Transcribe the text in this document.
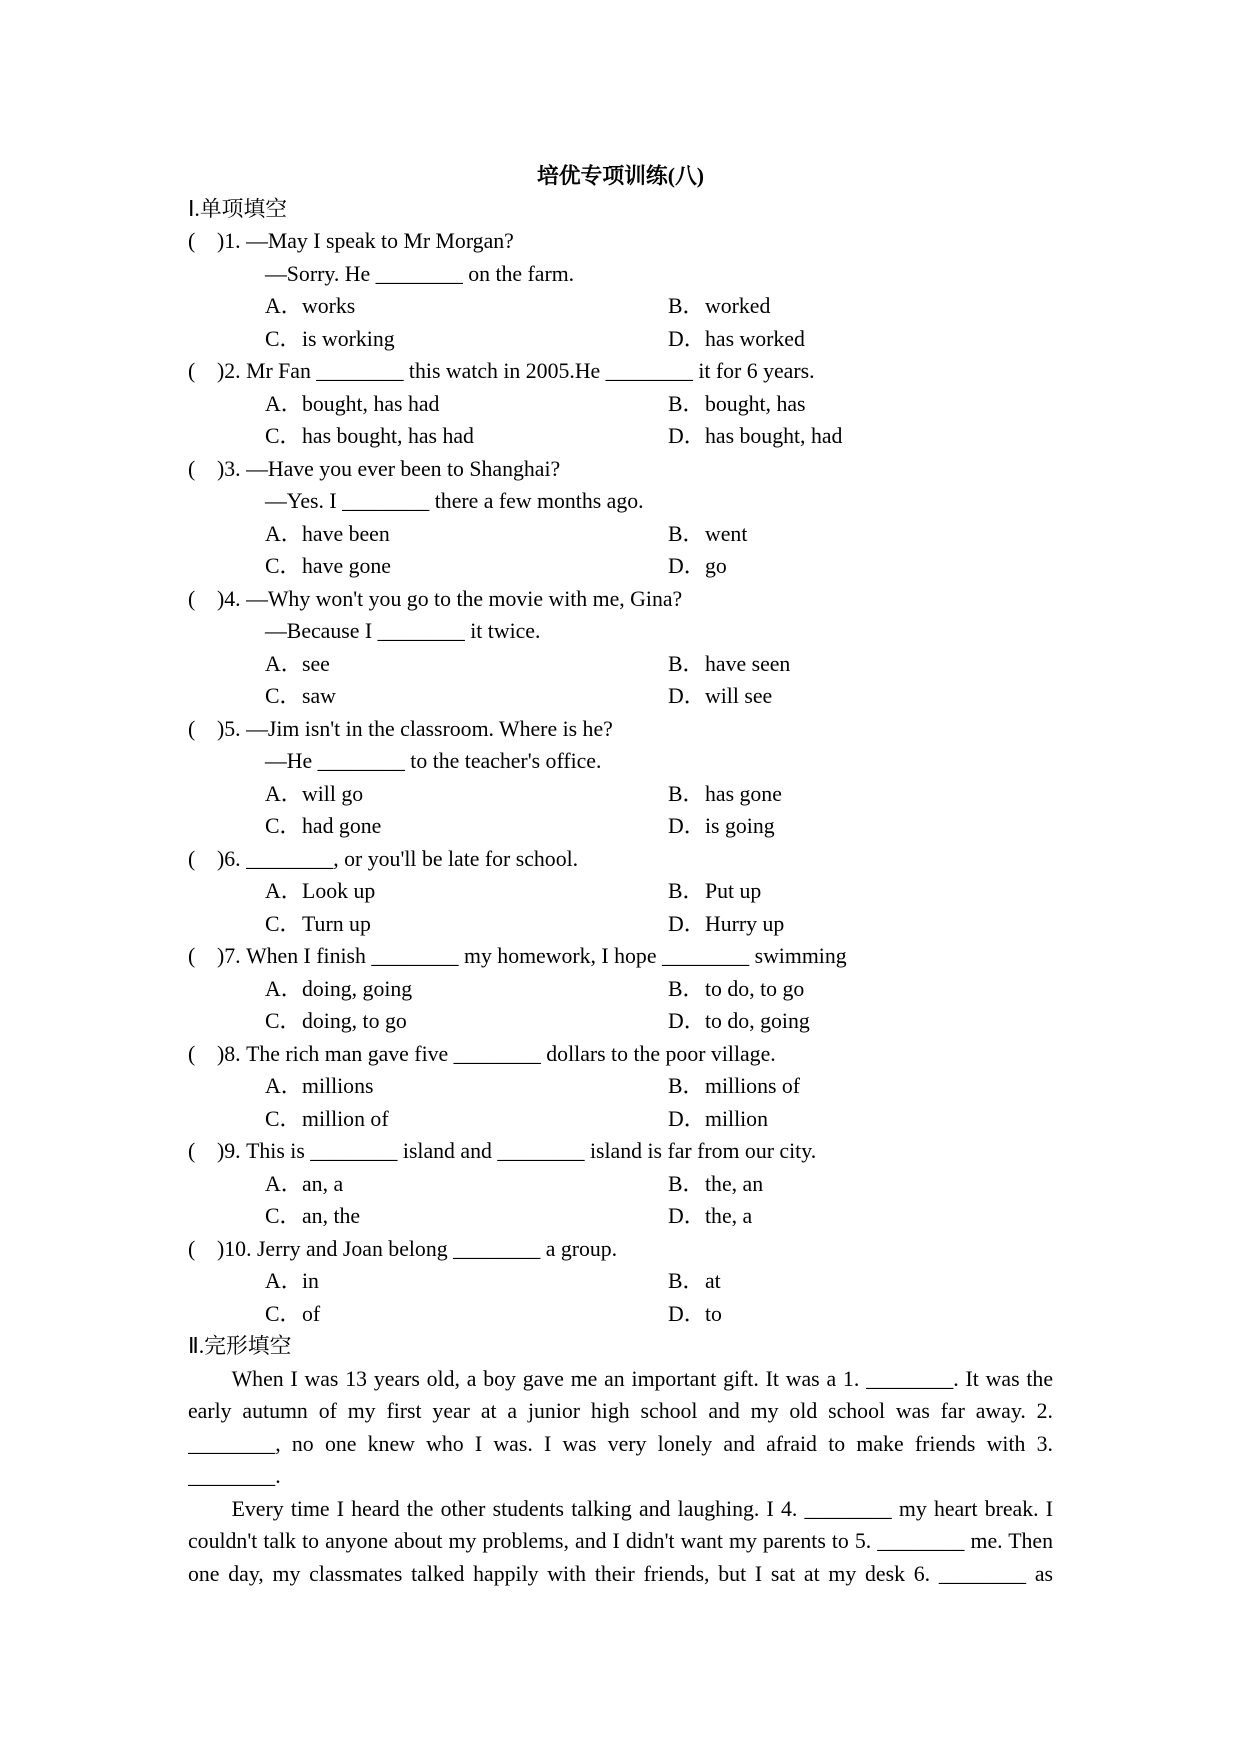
培优专项训练(八)
Ⅰ.单项填空
( )1. —May I speak to Mr Morgan?
—Sorry. He ________ on the farm.
A．works	B．worked
C．is working	D．has worked
( )2. Mr Fan ________ this watch in 2005.He ________ it for 6 years.
A．bought, has had	B．bought, has
C．has bought, has had	D．has bought, had
( )3. —Have you ever been to Shanghai?
—Yes. I ________ there a few months ago.
A．have been	B．went
C．have gone	D．go
( )4. —Why won't you go to the movie with me, Gina?
—Because I ________ it twice.
A．see	B．have seen
C．saw	D．will see
( )5. —Jim isn't in the classroom. Where is he?
—He ________ to the teacher's office.
A．will go	B．has gone
C．had gone	D．is going
( )6. ________, or you'll be late for school.
A．Look up	B．Put up
C．Turn up	D．Hurry up
( )7. When I finish ________ my homework, I hope ________ swimming
A．doing, going	B．to do, to go
C．doing, to go	D．to do, going
( )8. The rich man gave five ________ dollars to the poor village.
A．millions	B．millions of
C．million of	D．million
( )9. This is ________ island and ________ island is far from our city.
A．an, a	B．the, an
C．an, the	D．the, a
( )10. Jerry and Joan belong ________ a group.
A．in	B．at
C．of	D．to
Ⅱ.完形填空
When I was 13 years old, a boy gave me an important gift. It was a 1. ________. It was the
early autumn of my first year at a junior high school and my old school was far away. 2.
________, no one knew who I was. I was very lonely and afraid to make friends with 3.
________.
Every time I heard the other students talking and laughing. I 4. ________ my heart break. I
couldn't talk to anyone about my problems, and I didn't want my parents to 5. ________ me. Then
one day, my classmates talked happily with their friends, but I sat at my desk 6. ________ as
